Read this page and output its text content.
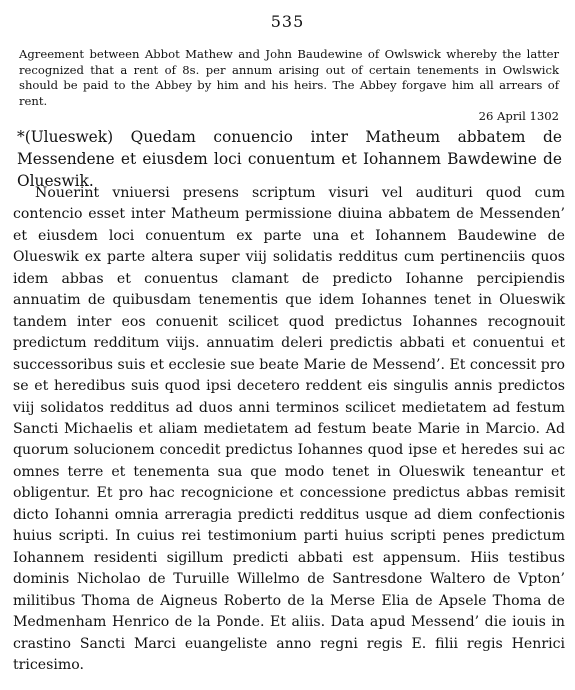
535
Agreement between Abbot Mathew and John Baudewine of Owlswick whereby the latter recognized that a rent of 8s. per annum arising out of certain tenements in Owlswick should be paid to the Abbey by him and his heirs. The Abbey forgave him all arrears of rent.
26 April 1302
*(Ulueswek) Quedam conuencio inter Matheum abbatem de Messendene et eiusdem loci conuentum et Iohannem Bawdewine de Olueswik.

Nouerint vniuersi presens scriptum visuri vel audituri quod cum contencio esset inter Matheum permissione diuina abbatem de Messenden’ et eiusdem loci conuentum ex parte una et Iohannem Baudewine de Olueswik ex parte altera super viij solidatis redditus cum pertinenciis quos idem abbas et conuentus clamant de predicto Iohanne percipiendis annuatim de quibusdam tenementis que idem Iohannes tenet in Olueswik tandem inter eos conuenit scilicet quod predictus Iohannes recognouit predictum redditum viijs. annuatim deleri predictis abbati et conuentui et successoribus suis et ecclesie sue beate Marie de Messend’. Et concessit pro se et heredibus suis quod ipsi decetero reddent eis singulis annis predictos viij solidatos redditus ad duos anni terminos scilicet medietatem ad festum Sancti Michaelis et aliam medietatem ad festum beate Marie in Marcio. Ad quorum solucionem concedit predictus Iohannes quod ipse et heredes sui ac omnes terre et tenementa sua que modo tenet in Olueswik teneantur et obligentur. Et pro hac recognicione et concessione predictus abbas remisit dicto Iohanni omnia arreragia predicti redditus usque ad diem confectionis huius scripti. In cuius rei testimonium parti huius scripti penes predictum Iohannem residenti sigillum predicti abbati est appensum. Hiis testibus dominis Nicholao de Turuille Willelmo de Santresdone Waltero de Vpton’ militibus Thoma de Aigneus Roberto de la Merse Elia de Apsele Thoma de Medmenham Henrico de la Ponde. Et aliis. Data apud Messend’ die iouis in crastino Sancti Marci euangeliste anno regni regis E. filii regis Henrici tricesimo.
